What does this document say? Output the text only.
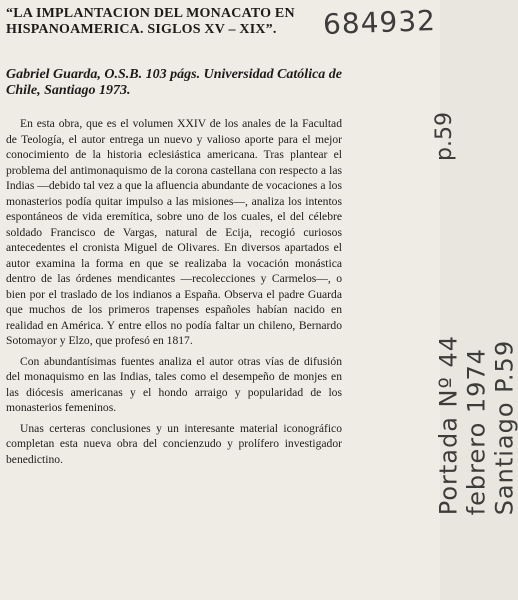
“LA IMPLANTACION DEL MONACATO EN
HISPANOAMERICA. SIGLOS XV – XIX”.
Gabriel Guarda, O.S.B. 103 págs. Universidad Católica de Chile, Santiago 1973.

En esta obra, que es el volumen XXIV de los anales de la Facultad de Teología, el autor entrega un nuevo y valioso aporte para el mejor conocimiento de la historia eclesiástica americana. Tras plantear el problema del antimonaquismo de la corona castellana con respecto a las Indias —debido tal vez a que la afluencia abundante de vocaciones a los monasterios podía quitar impulso a las misiones—, analiza los intentos espontáneos de vida eremítica, sobre uno de los cuales, el del célebre soldado Francisco de Vargas, natural de Ecija, recogió curiosos antecedentes el cronista Miguel de Olivares. En diversos apartados el autor examina la forma en que se realizaba la vocación monástica dentro de las órdenes mendicantes —recolecciones y Carmelos—, o bien por el traslado de los indianos a España. Observa el padre Guarda que muchos de los primeros trapenses españoles habían nacido en realidad en América. Y entre ellos no podía faltar un chileno, Bernardo Sotomayor y Elzo, que profesó en 1817.

Con abundantísimas fuentes analiza el autor otras vías de difusión del monaquismo en las Indias, tales como el desempeño de monjes en las diócesis americanas y el hondo arraigo y popularidad de los monasterios femeninos.

Unas certeras conclusiones y un interesante material iconográfico completan esta nueva obra del concienzudo y prolífero investigador benedictino.

684932
p.59
Portada Nº 44 febrero 1974 Santiago P.59
